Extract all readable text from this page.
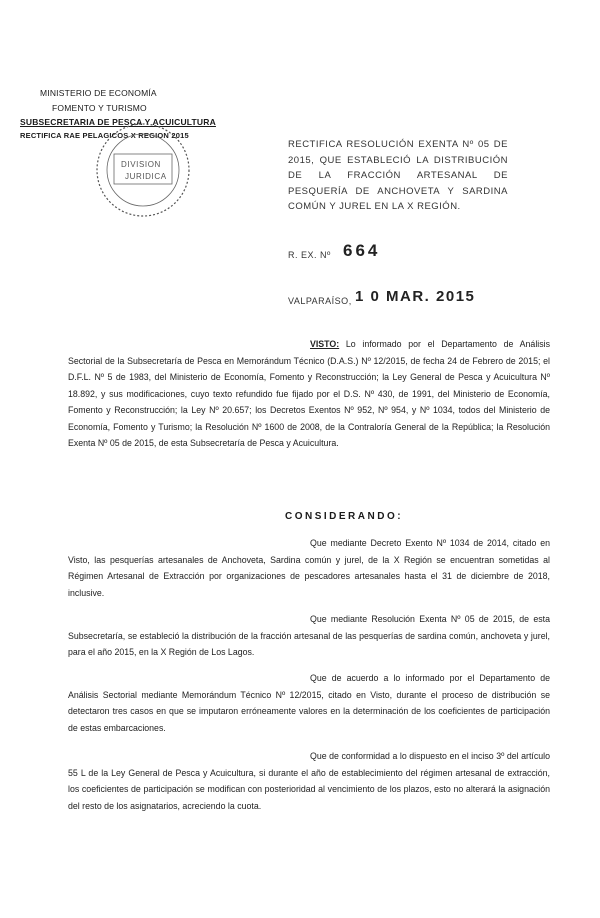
MINISTERIO DE ECONOMÍA
FOMENTO Y TURISMO
SUBSECRETARIA DE PESCA Y ACUICULTURA
RECTIFICA RAE PELAGICOS X REGION 2015
DIVISION
JURIDICA
RECTIFICA RESOLUCIÓN EXENTA Nº 05 DE 2015, QUE ESTABLECIÓ LA DISTRIBUCIÓN DE LA FRACCIÓN ARTESANAL DE PESQUERÍA DE ANCHOVETA Y SARDINA COMÚN Y JUREL EN LA X REGIÓN.
R. EX. Nº 664
VALPARAÍSO, 1 0 MAR. 2015
VISTO: Lo informado por el Departamento de Análisis Sectorial de la Subsecretaría de Pesca en Memorándum Técnico (D.A.S.) Nº 12/2015, de fecha 24 de Febrero de 2015; el D.F.L. Nº 5 de 1983, del Ministerio de Economía, Fomento y Reconstrucción; la Ley General de Pesca y Acuicultura Nº 18.892, y sus modificaciones, cuyo texto refundido fue fijado por el D.S. Nº 430, de 1991, del Ministerio de Economía, Fomento y Reconstrucción; la Ley Nº 20.657; los Decretos Exentos Nº 952, Nº 954, y Nº 1034, todos del Ministerio de Economía, Fomento y Turismo; la Resolución Nº 1600 de 2008, de la Contraloría General de la República; la Resolución Exenta Nº 05 de 2015, de esta Subsecretaría de Pesca y Acuicultura.
CONSIDERANDO:
Que mediante Decreto Exento Nº 1034 de 2014, citado en Visto, las pesquerías artesanales de Anchoveta, Sardina común y jurel, de la X Región se encuentran sometidas al Régimen Artesanal de Extracción por organizaciones de pescadores artesanales hasta el 31 de diciembre de 2018, inclusive.
Que mediante Resolución Exenta Nº 05 de 2015, de esta Subsecretaría, se estableció la distribución de la fracción artesanal de las pesquerías de sardina común, anchoveta y jurel, para el año 2015, en la X Región de Los Lagos.
Que de acuerdo a lo informado por el Departamento de Análisis Sectorial mediante Memorándum Técnico Nº 12/2015, citado en Visto, durante el proceso de distribución se detectaron tres casos en que se imputaron erróneamente valores en la determinación de los coeficientes de participación de estas embarcaciones.
Que de conformidad a lo dispuesto en el inciso 3º del artículo 55 L de la Ley General de Pesca y Acuicultura, si durante el año de establecimiento del régimen artesanal de extracción, los coeficientes de participación se modifican con posterioridad al vencimiento de los plazos, esto no alterará la asignación del resto de los asignatarios, acreciendo la cuota.
